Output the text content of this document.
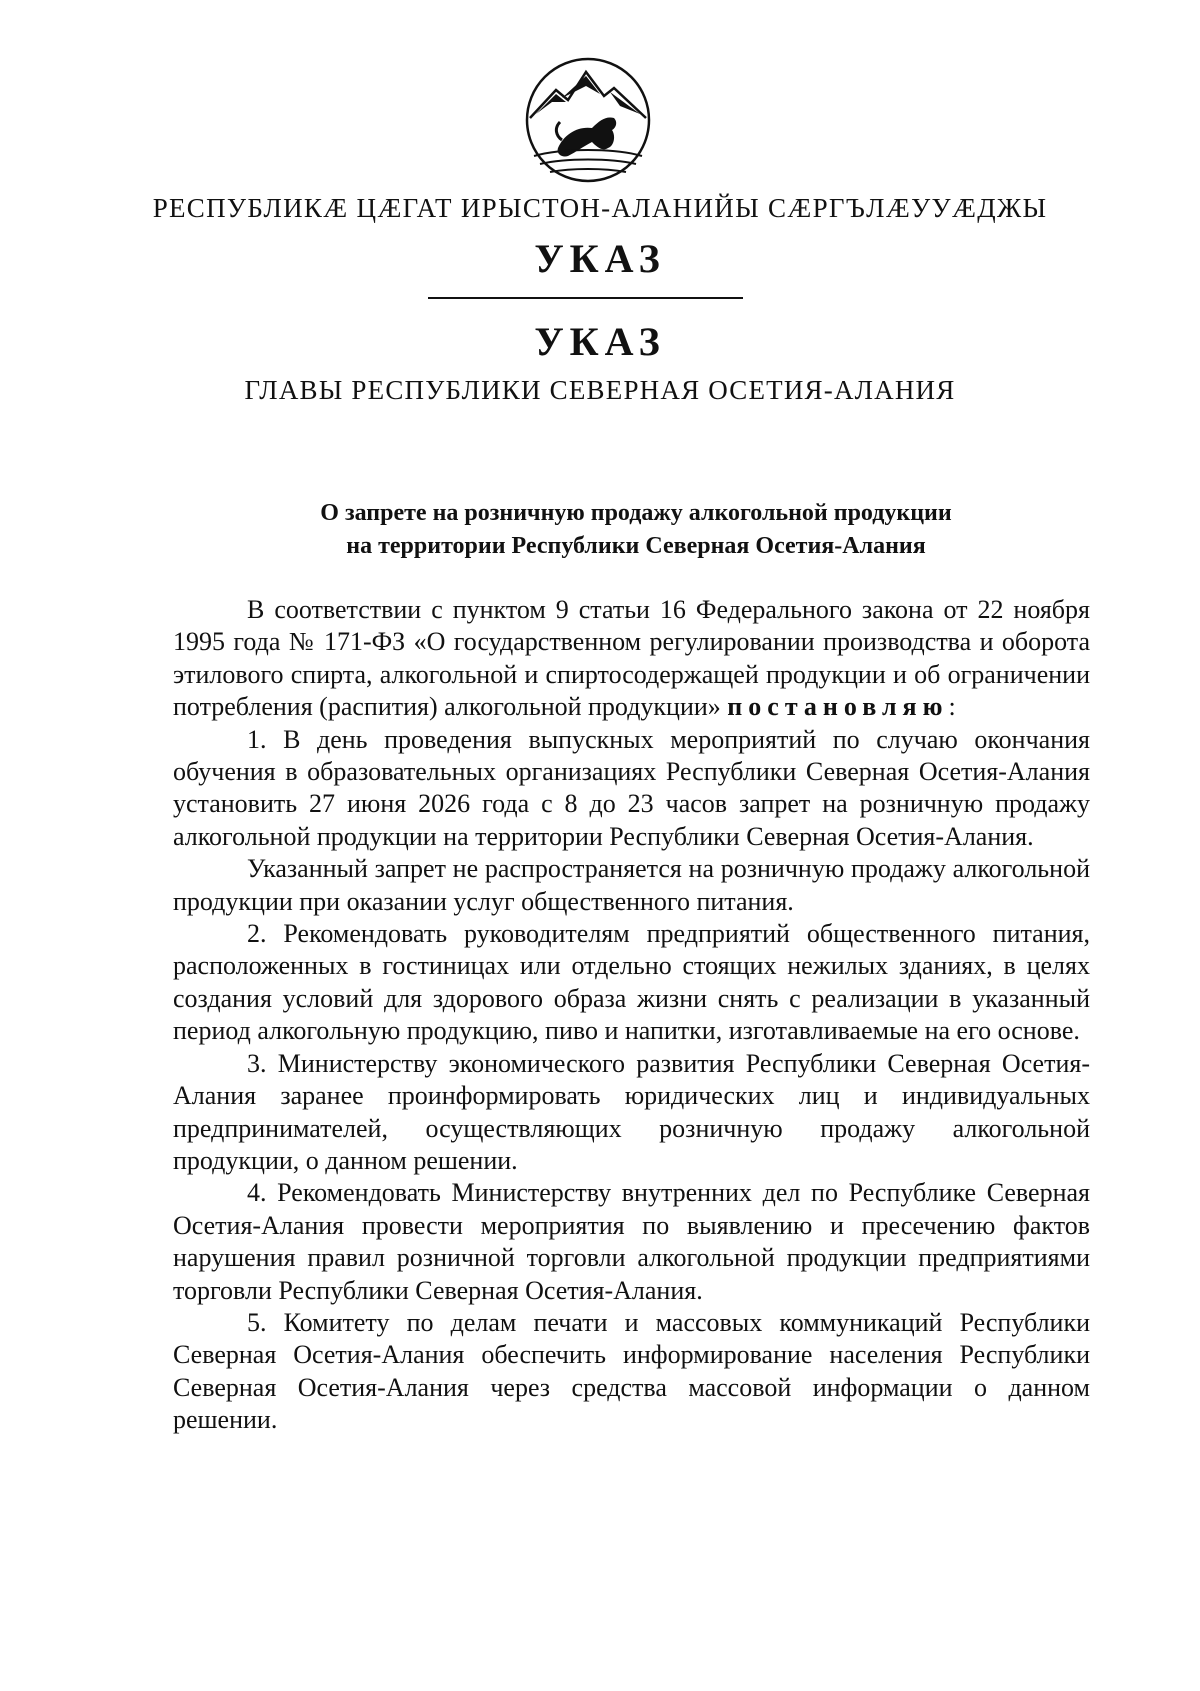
РЕСПУБЛИКӔ ЦӔГАТ ИРЫСТОН-АЛАНИЙЫ СӔРГЪЛӔУУӔДЖЫ
УКАЗ
УКАЗ
ГЛАВЫ РЕСПУБЛИКИ СЕВЕРНАЯ ОСЕТИЯ-АЛАНИЯ
О запрете на розничную продажу алкогольной продукции
на территории Республики Северная Осетия-Алания

В соответствии с пунктом 9 статьи 16 Федерального закона от 22 ноября 1995 года № 171-ФЗ «О государственном регулировании производства и оборота этилового спирта, алкогольной и спиртосодержащей продукции и об ограничении потребления (распития) алкогольной продукции» постановляю:

1. В день проведения выпускных мероприятий по случаю окончания обучения в образовательных организациях Республики Северная Осетия-Алания установить 27 июня 2026 года с 8 до 23 часов запрет на розничную продажу алкогольной продукции на территории Республики Северная Осетия-Алания.

Указанный запрет не распространяется на розничную продажу алкогольной продукции при оказании услуг общественного питания.

2. Рекомендовать руководителям предприятий общественного питания, расположенных в гостиницах или отдельно стоящих нежилых зданиях, в целях создания условий для здорового образа жизни снять с реализации в указанный период алкогольную продукцию, пиво и напитки, изготавливаемые на его основе.

3. Министерству экономического развития Республики Северная Осетия-Алания заранее проинформировать юридических лиц и индивидуальных предпринимателей, осуществляющих розничную продажу алкогольной продукции, о данном решении.

4. Рекомендовать Министерству внутренних дел по Республике Северная Осетия-Алания провести мероприятия по выявлению и пресечению фактов нарушения правил розничной торговли алкогольной продукции предприятиями торговли Республики Северная Осетия-Алания.

5. Комитету по делам печати и массовых коммуникаций Республики Северная Осетия-Алания обеспечить информирование населения Республики Северная Осетия-Алания через средства массовой информации о данном решении.
